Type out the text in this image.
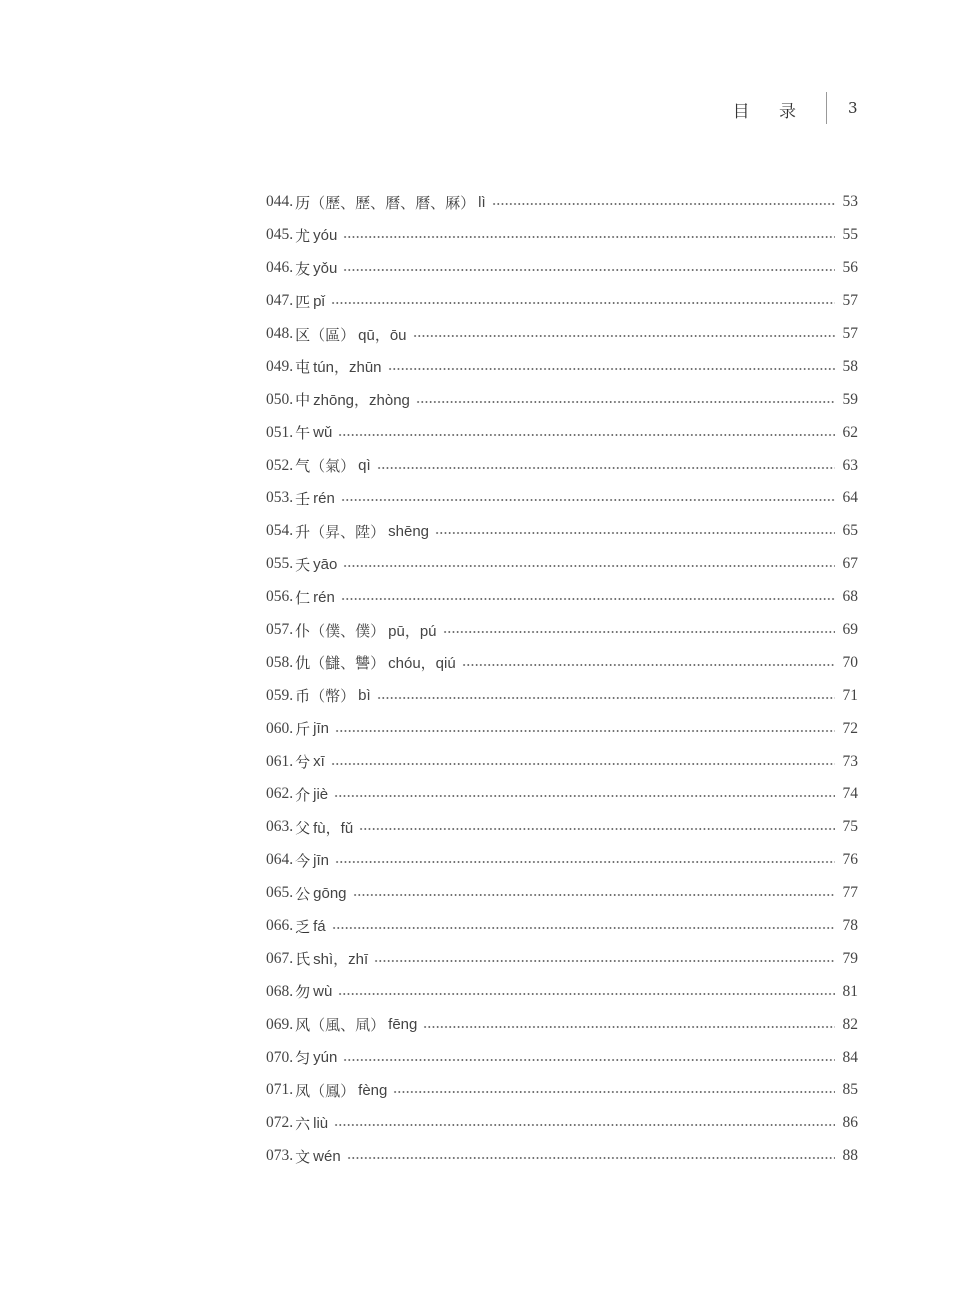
目 录	3
044. 历 （歷、歷、曆、曆、厤） lì	53
045. 尤 yóu	55
046. 友 yǒu	56
047. 匹 pǐ	57
048. 区 （區） qū，ōu	57
049. 屯 tún，zhūn	58
050. 中 zhōng，zhòng	59
051. 午 wǔ	62
052. 气 （氣） qì	63
053. 壬 rén	64
054. 升 （昇、陞） shēng	65
055. 夭 yāo	67
056. 仁 rén	68
057. 仆 （僕、僕） pū，pú	69
058. 仇 （讎、讐） chóu，qiú	70
059. 币 （幣） bì	71
060. 斤 jīn	72
061. 兮 xī	73
062. 介 jiè	74
063. 父 fù，fǔ	75
064. 今 jīn	76
065. 公 gōng	77
066. 乏 fá	78
067. 氏 shì，zhī	79
068. 勿 wù	81
069. 风 （風、凬） fēng	82
070. 匀 yún	84
071. 凤 （鳳） fèng	85
072. 六 liù	86
073. 文 wén	88
